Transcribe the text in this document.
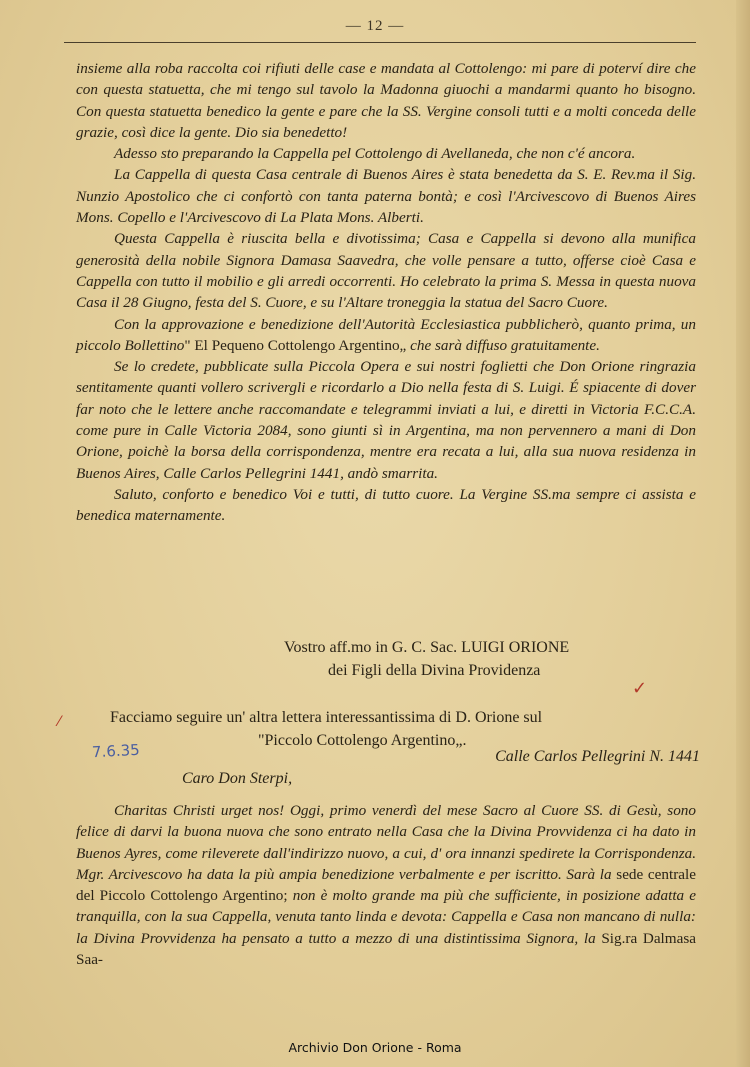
— 12 —

insieme alla roba raccolta coi rifiuti delle case e mandata al Cottolengo: mi pare di poterví dire che con questa statuetta, che mi tengo sul tavolo la Madonna giuochi a mandarmi quanto ho bisogno. Con questa statuetta benedico la gente e pare che la SS. Vergine consoli tutti e a molti conceda delle grazie, così dice la gente. Dio sia benedetto!

Adesso sto preparando la Cappella pel Cottolengo di Avellaneda, che non c'é ancora.

La Cappella di questa Casa centrale di Buenos Aires è stata benedetta da S. E. Rev.ma il Sig. Nunzio Apostolico che ci confortò con tanta paterna bontà; e così l'Arcivescovo di Buenos Aires Mons. Copello e l'Arcivescovo di La Plata Mons. Alberti.

Questa Cappella è riuscita bella e divotissima; Casa e Cappella si devono alla munifica generosità della nobile Signora Damasa Saavedra, che volle pensare a tutto, offerse cioè Casa e Cappella con tutto il mobilio e gli arredi occorrenti. Ho celebrato la prima S. Messa in questa nuova Casa il 28 Giugno, festa del S. Cuore, e su l'Altare troneggia la statua del Sacro Cuore.

Con la approvazione e benedizione dell'Autorità Ecclesiastica pubblicherò, quanto prima, un piccolo Bollettino" El Pequeno Cottolengo Argentino„ che sarà diffuso gratuitamente.

Se lo credete, pubblicate sulla Piccola Opera e sui nostri foglietti che Don Orione ringrazia sentitamente quanti vollero scrivergli e ricordarlo a Dio nella festa di S. Luigi. É spiacente di dover far noto che le lettere anche raccomandate e telegrammi inviati a lui, e diretti in Victoria F.C.C.A. come pure in Calle Victoria 2084, sono giunti sì in Argentina, ma non pervennero a mani di Don Orione, poichè la borsa della corrispondenza, mentre era recata a lui, alla sua nuova residenza in Buenos Aires, Calle Carlos Pellegrini 1441, andò smarrita.

Saluto, conforto e benedico Voi e tutti, di tutto cuore. La Vergine SS.ma sempre ci assista e benedica maternamente.

Vostro aff.mo in G. C. Sac. LUIGI ORIONE
dei Figli della Divina Providenza
✓
⁄	Facciamo seguire un' altra lettera interessantissima di D. Orione sul
"Piccolo Cottolengo Argentino„.
7.6.35	Calle Carlos Pellegrini N. 1441
Caro Don Sterpi,

Charitas Christi urget nos! Oggi, primo venerdì del mese Sacro al Cuore SS. di Gesù, sono felice di darvi la buona nuova che sono entrato nella Casa che la Divina Provvidenza ci ha dato in Buenos Ayres, come rileverete dall'indirizzo nuovo, a cui, d' ora innanzi spedirete la Corrispondenza. Mgr. Arcivescovo ha data la più ampia benedizione verbalmente e per iscritto. Sarà la sede centrale del Piccolo Cottolengo Argentino; non è molto grande ma più che sufficiente, in posizione adatta e tranquilla, con la sua Cappella, venuta tanto linda e devota: Cappella e Casa non mancano di nulla: la Divina Provvidenza ha pensato a tutto a mezzo di una distintissima Signora, la Sig.ra Dalmasa Saa-

Archivio Don Orione - Roma
